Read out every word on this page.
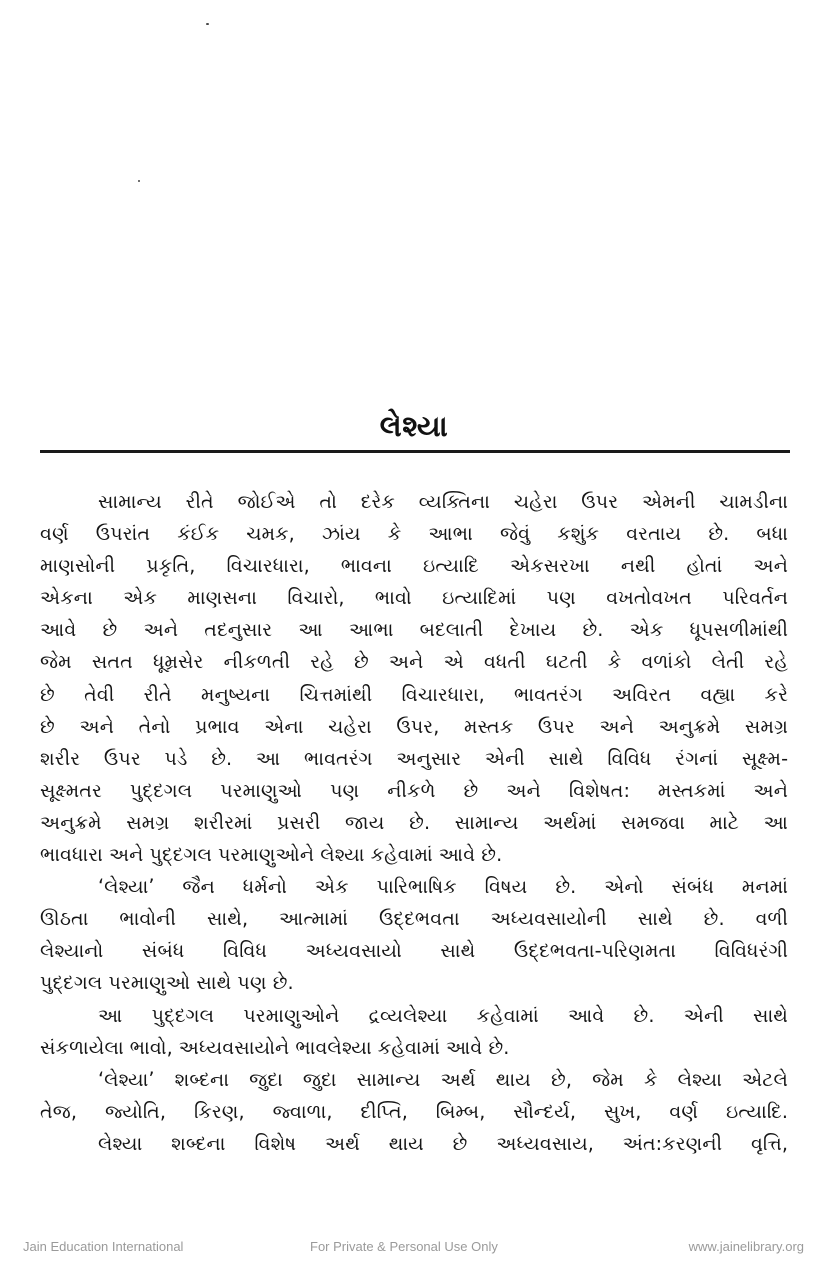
લેશ્યા
સામાન્ય રીતે જોઈએ તો દરેક વ્યક્તિના ચહેરા ઉપર એમની ચામડીના
વર્ણ ઉપરાંત કંઈક ચમક, ઝાંય કે આભા જેવું કશુંક વરતાય છે. બધા
માણસોની પ્રકૃતિ, વિચારધારા, ભાવના ઇત્યાદિ એકસરખા નથી હોતાં અને
એકના એક માણસના વિચારો, ભાવો ઇત્યાદિમાં પણ વખતોવખત પરિવર્તન
આવે છે અને તદનુસાર આ આભા બદલાતી દેખાય છે. એક ધૂપસળીમાંથી
જેમ સતત ધૂમ્રસેર નીકળતી રહે છે અને એ વધતી ઘટતી કે વળાંકો લેતી રહે
છે તેવી રીતે મનુષ્યના ચિત્તમાંથી વિચારધારા, ભાવતરંગ અવિરત વહ્યા કરે
છે અને તેનો પ્રભાવ એના ચહેરા ઉપર, મસ્તક ઉપર અને અનુક્રમે સમગ્ર
શરીર ઉપર પડે છે. આ ભાવતરંગ અનુસાર એની સાથે વિવિધ રંગનાં સૂક્ષ્મ-
સૂક્ષ્મતર પુદ્દગલ પરમાણુઓ પણ નીકળે છે અને વિશેષત: મસ્તકમાં અને
અનુક્રમે સમગ્ર શરીરમાં પ્રસરી જાય છે. સામાન્ય અર્થમાં સમજવા માટે આ
ભાવધારા અને પુદ્દગલ પરમાણુઓને લેશ્યા કહેવામાં આવે છે.
‘લેશ્યા’ જૈન ધર્મનો એક પારિભાષિક વિષય છે. એનો સંબંધ મનમાં
ઊઠતા ભાવોની સાથે, આત્મામાં ઉદ્દભવતા અધ્યવસાયોની સાથે છે. વળી
લેશ્યાનો સંબંધ વિવિધ અધ્યવસાયો સાથે ઉદ્દભવતા-પરિણમતા વિવિધરંગી
પુદ્દગલ પરમાણુઓ સાથે પણ છે.
આ પુદ્દગલ પરમાણુઓને દ્રવ્યલેશ્યા કહેવામાં આવે છે. એની સાથે
સંકળાયેલા ભાવો, અધ્યવસાયોને ભાવલેશ્યા કહેવામાં આવે છે.
‘લેશ્યા’ શબ્દના જુદા જુદા સામાન્ય અર્થ થાય છે, જેમ કે લેશ્યા એટલે
તેજ, જ્યોતિ, કિરણ, જ્વાળા, દીપ્તિ, બિમ્બ, સૌન્દર્ય, સુખ, વર્ણ ઇત્યાદિ.
લેશ્યા શબ્દના વિશેષ અર્થ થાય છે અધ્યવસાય, અંત:કરણની વૃત્તિ,
Jain Education International	For Private & Personal Use Only	www.jainelibrary.org
